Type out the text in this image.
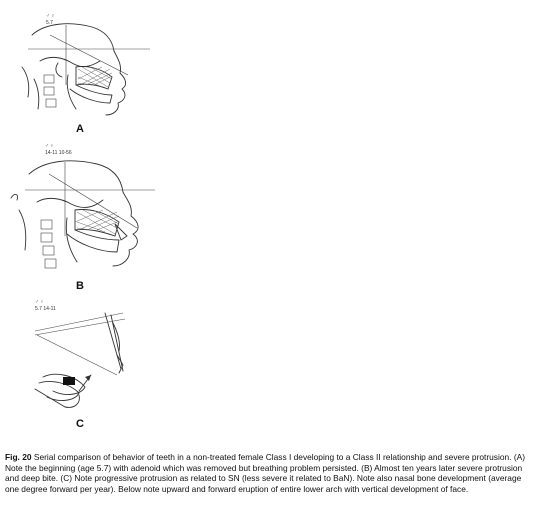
♂ ♀
5.7
A
♂ ♀
14-11 10-56
B
♂ ♀
5.7 14-11
C
Fig. 20 Serial comparison of behavior of teeth in a non-treated female Class I developing to a Class II relationship and severe protrusion. (A) Note the beginning (age 5.7) with adenoid which was removed but breathing problem persisted. (B) Almost ten years later severe protrusion and deep bite. (C) Note progressive protrusion as related to SN (less severe it related to BaN). Note also nasal bone development (average one degree forward per year). Below note upward and forward eruption of entire lower arch with vertical development of face.
